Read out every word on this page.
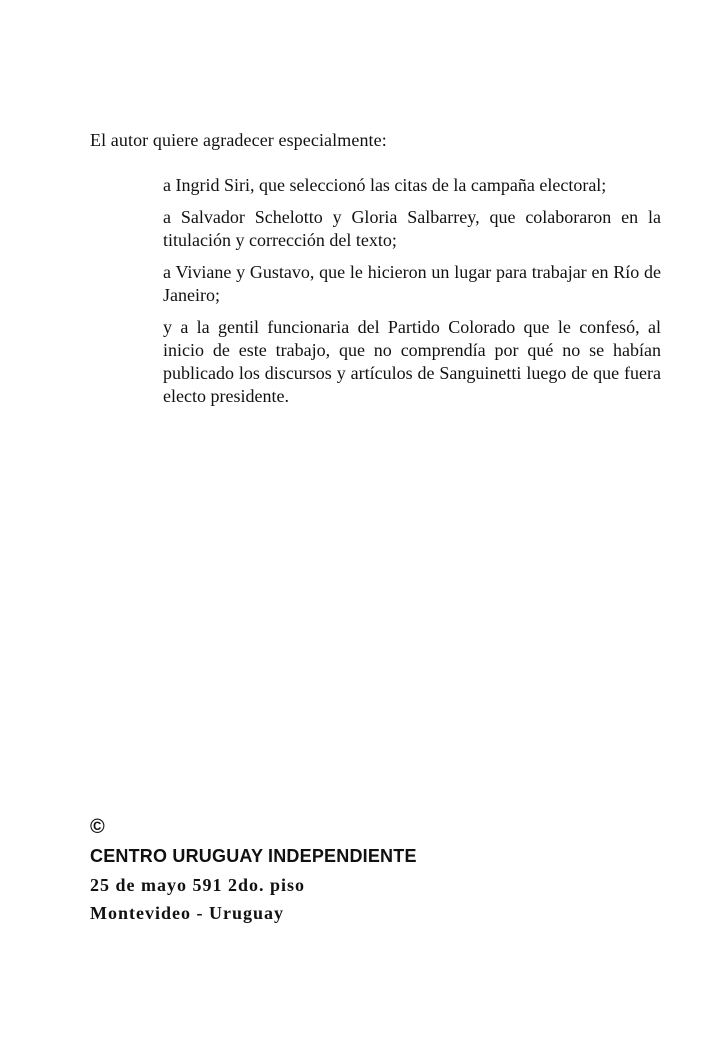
El autor quiere agradecer especialmente:

a Ingrid Siri, que seleccionó las citas de la campaña electoral;
a Salvador Schelotto y Gloria Salbarrey, que colaboraron en la titulación y corrección del texto;
a Viviane y Gustavo, que le hicieron un lugar para trabajar en Río de Janeiro;
y a la gentil funcionaria del Partido Colorado que le confesó, al inicio de este trabajo, que no comprendía por qué no se habían publicado los discursos y artículos de Sanguinetti luego de que fuera electo presidente.
©
CENTRO URUGUAY INDEPENDIENTE
25 de mayo 591 2do. piso
Montevideo - Uruguay
